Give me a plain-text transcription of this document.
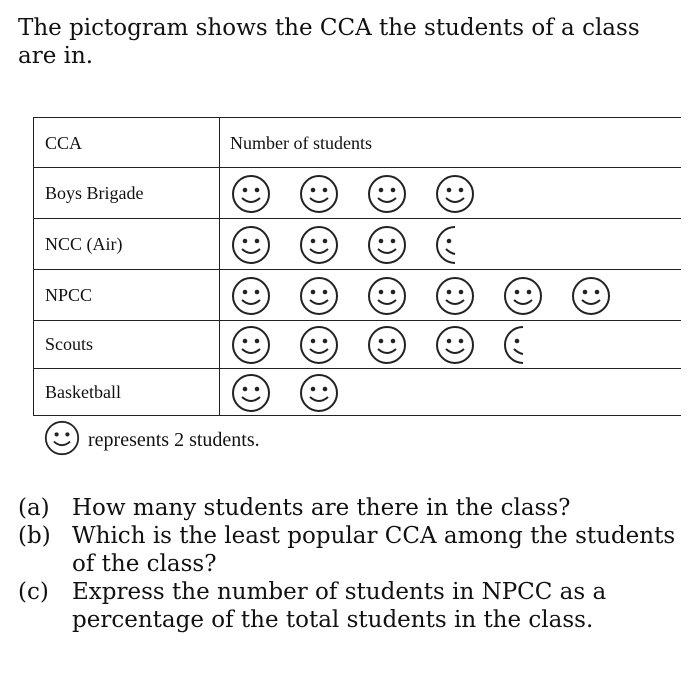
The pictogram shows the CCA the students of a class are in.
CCA	Number of students
Boys Brigade
NCC (Air)
NPCC
Scouts
Basketball
represents 2 students.
(a) How many students are there in the class?
(b) Which is the least popular CCA among the students of the class?
(c) Express the number of students in NPCC as a percentage of the total students in the class.
